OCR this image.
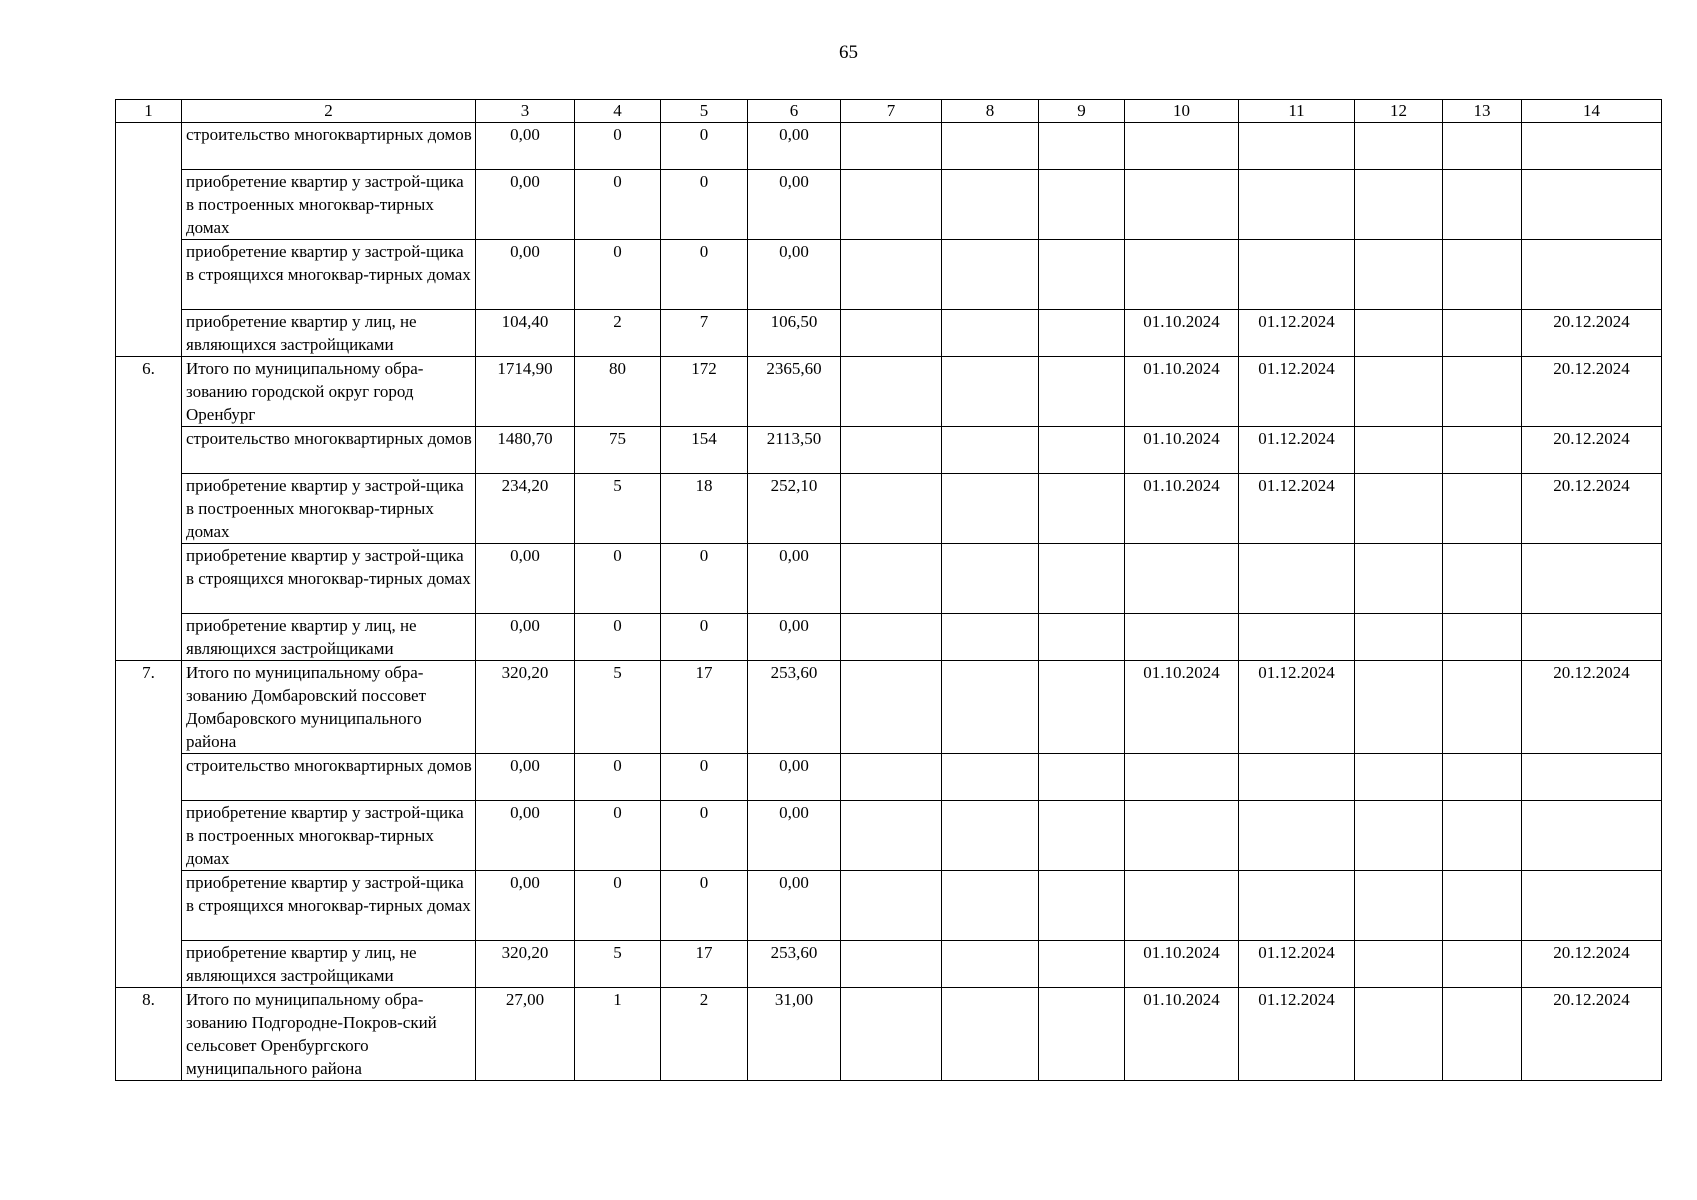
65
1	2	3	4	5	6	7	8	9	10	11	12	13	14
	строительство многоквартирных домов	0,00	0	0	0,00								
	приобретение квартир у застрой-щика в построенных многоквар-тирных домах	0,00	0	0	0,00								
	приобретение квартир у застрой-щика в строящихся многоквар-тирных домах	0,00	0	0	0,00								
	приобретение квартир у лиц, не являющихся застройщиками	104,40	2	7	106,50				01.10.2024	01.12.2024			20.12.2024
6.	Итого по муниципальному обра-зованию городской округ город Оренбург	1714,90	80	172	2365,60				01.10.2024	01.12.2024			20.12.2024
	строительство многоквартирных домов	1480,70	75	154	2113,50				01.10.2024	01.12.2024			20.12.2024
	приобретение квартир у застрой-щика в построенных многоквар-тирных домах	234,20	5	18	252,10				01.10.2024	01.12.2024			20.12.2024
	приобретение квартир у застрой-щика в строящихся многоквар-тирных домах	0,00	0	0	0,00								
	приобретение квартир у лиц, не являющихся застройщиками	0,00	0	0	0,00								
7.	Итого по муниципальному обра-зованию Домбаровский поссовет Домбаровского муниципального района	320,20	5	17	253,60				01.10.2024	01.12.2024			20.12.2024
	строительство многоквартирных домов	0,00	0	0	0,00								
	приобретение квартир у застрой-щика в построенных многоквар-тирных домах	0,00	0	0	0,00								
	приобретение квартир у застрой-щика в строящихся многоквар-тирных домах	0,00	0	0	0,00								
	приобретение квартир у лиц, не являющихся застройщиками	320,20	5	17	253,60				01.10.2024	01.12.2024			20.12.2024
8.	Итого по муниципальному обра-зованию Подгородне-Покров-ский сельсовет Оренбургского муниципального района	27,00	1	2	31,00				01.10.2024	01.12.2024			20.12.2024
